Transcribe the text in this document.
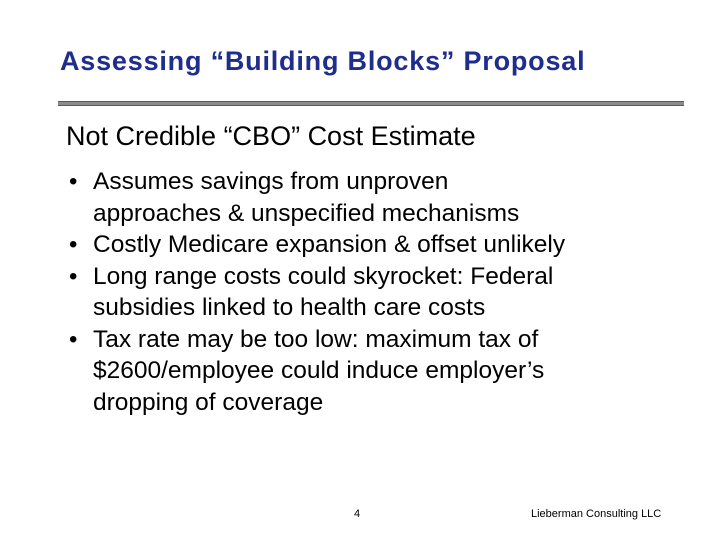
Assessing “Building Blocks” Proposal
Not Credible “CBO” Cost Estimate
• Assumes savings from unproven
approaches & unspecified mechanisms
• Costly Medicare expansion & offset unlikely
• Long range costs could skyrocket: Federal
subsidies linked to health care costs
• Tax rate may be too low: maximum tax of
$2600/employee could induce employer’s
dropping of coverage
4	Lieberman Consulting LLC
